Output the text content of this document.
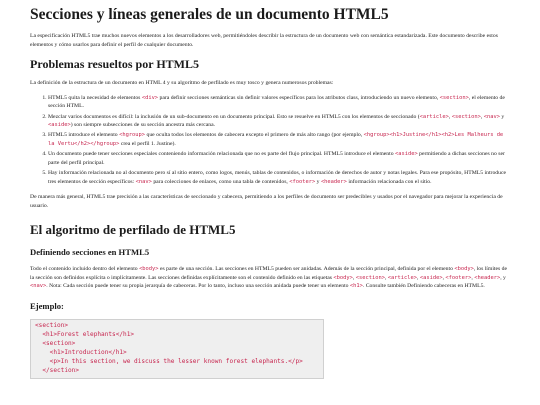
Secciones y líneas generales de un documento HTML5

La especificación HTML5 trae muchos nuevos elementos a los desarrolladores web, permitiéndoles describir la estructura de un documento web con semántica estandarizada. Este documento describe estos elementos y cómo usarlos para definir el perfil de cualquier documento.

Problemas resueltos por HTML5

La definición de la estructura de un documento en HTML 4 y su algoritmo de perfilado es muy tosco y genera numerosos problemas:

1. HTML5 quita la necesidad de elementos <div> para definir secciones semánticas sin definir valores específicos para los atributos class, introduciendo un nuevo elemento, <section>, el elemento de sección HTML.
2. Mezclar varios documentos es difícil: la inclusión de un sub-documento en un documento principal. Esto se resuelve en HTML5 con los elementos de seccionado (<article>, <section>, <nav> y <aside>) son siempre subsecciones de su sección ancestra más cercana.
3. HTML5 introduce el elemento <hgroup> que oculta todos los elementos de cabecera excepto el primero de más alto rango (por ejemplo, <hgroup><h1>Justine</h1><h2>Les Malheurs de la Vertu</h2></hgroup> crea el perfil 1. Justine).
4. Un documento puede tener secciones especiales conteniendo información relacionada que no es parte del flujo principal. HTML5 introduce el elemento <aside> permitiendo a dichas secciones no ser parte del perfil principal.
5. Hay información relacionada no al documento pero sí al sitio entero, como logos, menús, tablas de contenidos, o información de derechos de autor y notas legales. Para ese propósito, HTML5 introduce tres elementos de sección específicos: <nav> para colecciones de enlaces, como una tabla de contenidos, <footer> y <header> información relacionada con el sitio.

De manera más general, HTML5 trae precisión a las características de seccionado y cabecera, permitiendo a los perfiles de documento ser predecibles y usados por el navegador para mejorar la experiencia de usuario.

El algoritmo de perfilado de HTML5
Definiendo secciones en HTML5

Todo el contenido incluido dentro del elemento <body> es parte de una sección. Las secciones en HTML5 pueden ser anidadas. Además de la sección principal, definida por el elemento <body>, los límites de la sección son definidos explícita o implícitamente. Las secciones definidas explícitamente son el contenido definido en las etiquetas <body>, <section>, <article>, <aside>, <footer>, <header>, y <nav>. Nota: Cada sección puede tener su propia jerarquía de cabeceras. Por lo tanto, incluso una sección anidada puede tener un elemento <h1>. Consulte también Definiendo cabeceras en HTML5.

Ejemplo:
<section>
<h1>Forest elephants</h1>
<section>
<h1>Introduction</h1>
<p>In this section, we discuss the lesser known forest elephants.</p>
</section>
